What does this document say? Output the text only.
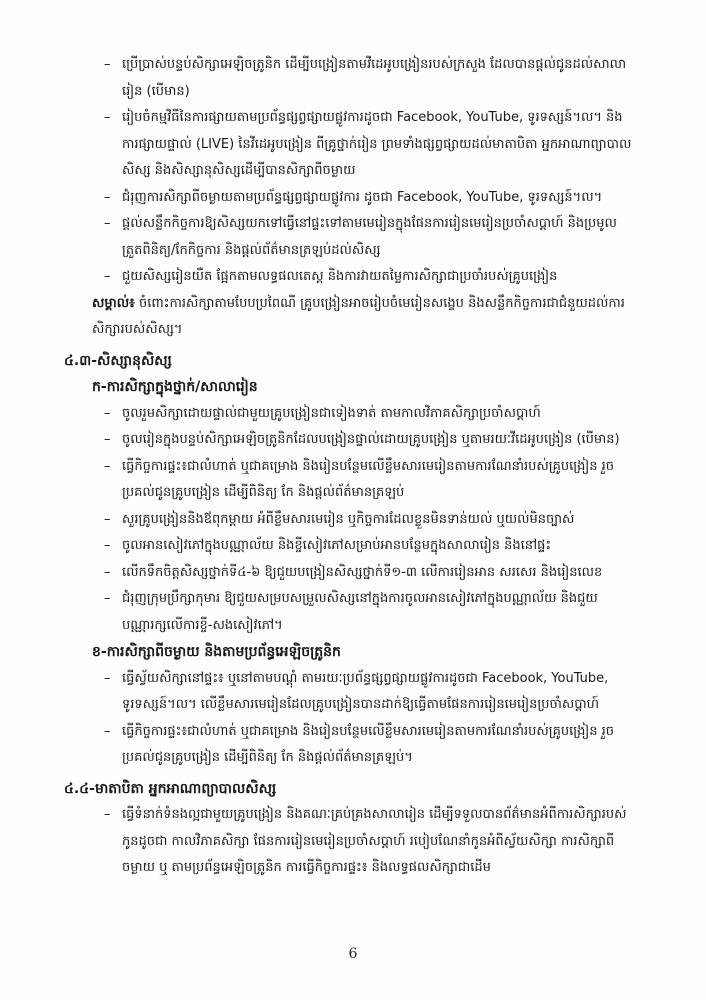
– ប្រើប្រាស់បន្ទប់សិក្សាអេឡិចត្រូនិក ដើម្បីបង្រៀនតាមវីដេអូបង្រៀនរបស់ក្រសួង ដែលបានផ្ដល់ជូនដល់សាលារៀន (បើមាន)

– រៀបចំកម្មវិធីនៃការផ្សាយតាមប្រព័ន្ធផ្សព្វផ្សាយផ្លូវការដូចជា Facebook, YouTube, ទូរទស្សន៍។ល។ និងការផ្សាយផ្ទាល់ (LIVE) នៃវីដេអូបង្រៀន ពីគ្រូថ្នាក់រៀន ព្រមទាំងផ្សព្វផ្សាយដល់មាតាបិតា អ្នកអាណាព្យាបាលសិស្ស និងសិស្សានុសិស្សដើម្បីបានសិក្សាពីចម្ងាយ

– ជំរុញការសិក្សាពីចម្ងាយតាមប្រព័ន្ធផ្សព្វផ្សាយផ្លូវការ ដូចជា Facebook, YouTube, ទូរទស្សន៍។ល។

– ផ្ដល់សន្លឹកកិច្ចការឱ្យសិស្សយកទៅធ្វើនៅផ្ទះទៅតាមមេរៀនក្នុងផែនការរៀនមេរៀនប្រចាំសប្ដាហ៍ និងប្រមូល ត្រួតពិនិត្យ/កែកិច្ចការ និងផ្ដល់ព័ត៌មានត្រឡប់ដល់សិស្ស

– ជួយសិស្សរៀនយឺត ផ្អែកតាមលទ្ធផលតេស្ដ និងការវាយតម្លៃការសិក្សាជាប្រចាំរបស់គ្រូបង្រៀន

សម្គាល់៖ ចំពោះការសិក្សាតាមបែបប្រពៃណី គ្រូបង្រៀនអាចរៀបចំមេរៀនសង្ខេប និងសន្លឹកកិច្ចការជាជំនួយដល់ការសិក្សារបស់សិស្ស។

៤.៣-សិស្សានុសិស្ស
ក-ការសិក្សាក្នុងថ្នាក់/សាលារៀន

– ចូលរួមសិក្សាដោយផ្ទាល់ជាមួយគ្រូបង្រៀនជាទៀងទាត់ តាមកាលវិភាគសិក្សាប្រចាំសប្ដាហ៍

– ចូលរៀនក្នុងបន្ទប់សិក្សាអេឡិចត្រូនិកដែលបង្រៀនផ្ទាល់ដោយគ្រូបង្រៀន ឬតាមរយៈវីដេអូបង្រៀន (បើមាន)

– ធ្វើកិច្ចការផ្ទះ៖ជាលំហាត់ ឬជាគម្រោង និងរៀនបន្ថែមលើខ្លឹមសារមេរៀនតាមការណែនាំរបស់គ្រូបង្រៀន រួចប្រគល់ជូនគ្រូបង្រៀន ដើម្បីពិនិត្យ កែ និងផ្ដល់ព័ត៌មានត្រឡប់

– សួរគ្រូបង្រៀននិងឪពុកម្ដាយ អំពីខ្លឹមសារមេរៀន ឬកិច្ចការដែលខ្លួនមិនទាន់យល់ ឬយល់មិនច្បាស់

– ចូលអានសៀវភៅក្នុងបណ្ណាល័យ និងខ្ចីសៀវភៅសម្រាប់អានបន្ថែមក្នុងសាលារៀន និងនៅផ្ទះ

– លើកទឹកចិត្តសិស្សថ្នាក់ទី៤-៦ ឱ្យជួយបង្រៀនសិស្សថ្នាក់ទី១-៣ លើការរៀនអាន សរសេរ និងរៀនលេខ

– ជំរុញក្រុមប្រឹក្សាកុមារ ឱ្យជួយសម្របសម្រួលសិស្សនៅក្នុងការចូលអានសៀវភៅក្នុងបណ្ណាល័យ និងជួយបណ្ណារក្សលើការខ្ចី-សងសៀវភៅ។

ខ-ការសិក្សាពីចម្ងាយ និងតាមប្រព័ន្ធអេឡិចត្រូនិក

– ធ្វើស្វ័យសិក្សានៅផ្ទះ៖ ឬនៅតាមបណ្ដុំ តាមរយៈប្រព័ន្ធផ្សព្វផ្សាយផ្លូវការដូចជា Facebook, YouTube, ទូរទស្សន៍។ល។ លើខ្លឹមសារមេរៀនដែលគ្រូបង្រៀនបានដាក់ឱ្យធ្វើតាមផែនការរៀនមេរៀនប្រចាំសប្ដាហ៍

– ធ្វើកិច្ចការផ្ទះ៖ជាលំហាត់ ឬជាគម្រោង និងរៀនបន្ថែមលើខ្លឹមសារមេរៀនតាមការណែនាំរបស់គ្រូបង្រៀន រួចប្រគល់ជូនគ្រូបង្រៀន ដើម្បីពិនិត្យ កែ និងផ្ដល់ព័ត៌មានត្រឡប់។

៤.៤-មាតាបិតា អ្នកអាណាព្យាបាលសិស្ស

– ធ្វើទំនាក់ទំនងល្អជាមួយគ្រូបង្រៀន និងគណៈគ្រប់គ្រងសាលារៀន ដើម្បីទទួលបានព័ត៌មានអំពីការសិក្សារបស់កូនដូចជា កាលវិភាគសិក្សា ផែនការរៀនមេរៀនប្រចាំសប្ដាហ៍ របៀបណែនាំកូនអំពីស្វ័យសិក្សា ការសិក្សាពីចម្ងាយ ឬ តាមប្រព័ន្ធអេឡិចត្រូនិក ការធ្វើកិច្ចការផ្ទះ៖ និងលទ្ធផលសិក្សាជាដើម

6
